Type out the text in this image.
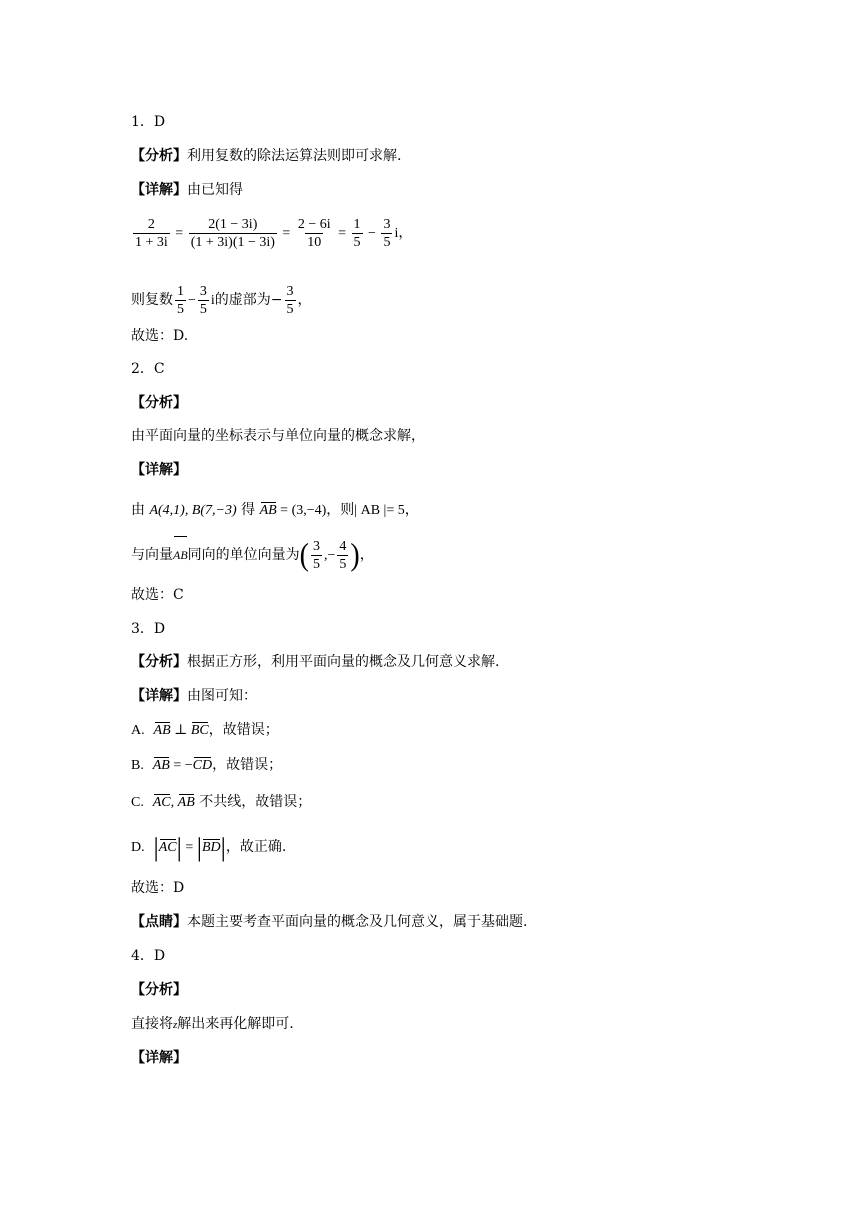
1．D
【分析】利用复数的除法运算法则即可求解.
【详解】由已知得
$\frac{2}{1 + 3i} = \frac{2(1 - 3i)}{(1 + 3i)(1 - 3i)} = \frac{2 - 6i}{10} = \frac{1}{5} - \frac{3}{5}$ i，
则复数 $\frac{1}{5} - \frac{3}{5}$ i的虚部为− $\frac{3}{5}$ ，
故选：D.
2．C
【分析】
由平面向量的坐标表示与单位向量的概念求解，
【详解】
由 A(4,1), B(7,−3) 得 AB = (3,−4)，则| AB |= 5，
与向量AB同向的单位向量为( $\frac{3}{5}$ ,− $\frac{4}{5}$ )，
故选：C
3．D
【分析】根据正方形，利用平面向量的概念及几何意义求解.
【详解】由图可知：
A. AB ⊥ BC，故错误；
B. AB = −CD，故错误；
C. AC, AB 不共线，故错误；
D. |AC| = |BD|，故正确.
故选：D
【点睛】本题主要考查平面向量的概念及几何意义，属于基础题.
4．D
【分析】
直接将z解出来再化解即可.
【详解】
